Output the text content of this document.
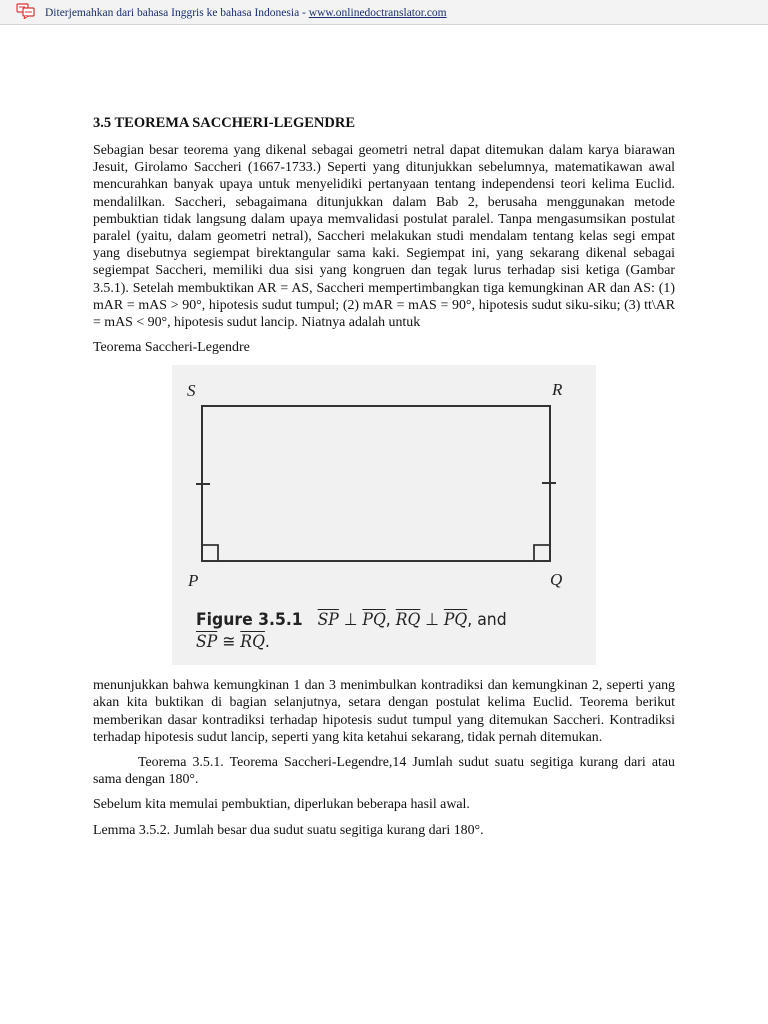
Diterjemahkan dari bahasa Inggris ke bahasa Indonesia - www.onlinedoctranslator.com
3.5 TEOREMA SACCHERI-LEGENDRE

Sebagian besar teorema yang dikenal sebagai geometri netral dapat ditemukan dalam karya biarawan Jesuit, Girolamo Saccheri (1667-1733.) Seperti yang ditunjukkan sebelumnya, matematikawan awal mencurahkan banyak upaya untuk menyelidiki pertanyaan tentang independensi teori kelima Euclid. mendalilkan. Saccheri, sebagaimana ditunjukkan dalam Bab 2, berusaha menggunakan metode pembuktian tidak langsung dalam upaya memvalidasi postulat paralel. Tanpa mengasumsikan postulat paralel (yaitu, dalam geometri netral), Saccheri melakukan studi mendalam tentang kelas segi empat yang disebutnya segiempat birektangular sama kaki. Segiempat ini, yang sekarang dikenal sebagai segiempat Saccheri, memiliki dua sisi yang kongruen dan tegak lurus terhadap sisi ketiga (Gambar 3.5.1). Setelah membuktikan AR = AS, Saccheri mempertimbangkan tiga kemungkinan AR dan AS: (1) mAR = mAS > 90°, hipotesis sudut tumpul; (2) mAR = mAS = 90°, hipotesis sudut siku-siku; (3) tt\AR = mAS < 90°, hipotesis sudut lancip. Niatnya adalah untuk

Teorema Saccheri-Legendre
S	R
P	Q
Figure 3.5.1 $\overline{SP}$ ⊥ $\overline{PQ}$, $\overline{RQ}$ ⊥ $\overline{PQ}$, and
$\overline{SP}$ ≅ $\overline{RQ}$.

menunjukkan bahwa kemungkinan 1 dan 3 menimbulkan kontradiksi dan kemungkinan 2, seperti yang akan kita buktikan di bagian selanjutnya, setara dengan postulat kelima Euclid. Teorema berikut memberikan dasar kontradiksi terhadap hipotesis sudut tumpul yang ditemukan Saccheri. Kontradiksi terhadap hipotesis sudut lancip, seperti yang kita ketahui sekarang, tidak pernah ditemukan.

Teorema 3.5.1. Teorema Saccheri-Legendre,14 Jumlah sudut suatu segitiga kurang dari atau sama dengan 180°.

Sebelum kita memulai pembuktian, diperlukan beberapa hasil awal.

Lemma 3.5.2. Jumlah besar dua sudut suatu segitiga kurang dari 180°.
